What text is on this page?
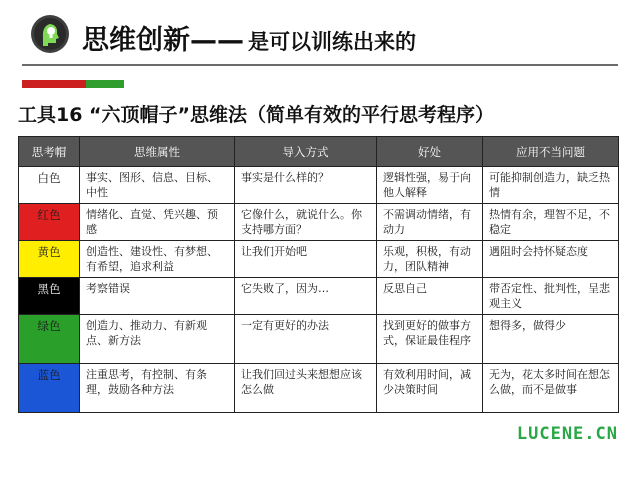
思维创新—— 是可以训练出来的
工具16 “六顶帽子”思维法（简单有效的平行思考程序）
思考帽	思维属性	导入方式	好处	应用不当问题
白色	事实、图形、信息、目标、中性	事实是什么样的？	逻辑性强，易于向他人解释	可能抑制创造力，缺乏热情
红色	情绪化、直觉、凭兴趣、预感	它像什么，就说什么。你支持哪方面？	不需调动情绪，有动力	热情有余，理智不足，不稳定
黄色	创造性、建设性、有梦想、有希望，追求利益	让我们开始吧	乐观，积极，有动力，团队精神	遇阻时会持怀疑态度
黑色	考察错误	它失败了，因为…	反思自己	带否定性、批判性，呈悲观主义
绿色	创造力、推动力、有新观点、新方法	一定有更好的办法	找到更好的做事方式，保证最佳程序	想得多，做得少
蓝色	注重思考，有控制、有条理，鼓励各种方法	让我们回过头来想想应该怎么做	有效利用时间，减少决策时间	无为，花太多时间在想怎么做，而不是做事
LUCENE.CN
